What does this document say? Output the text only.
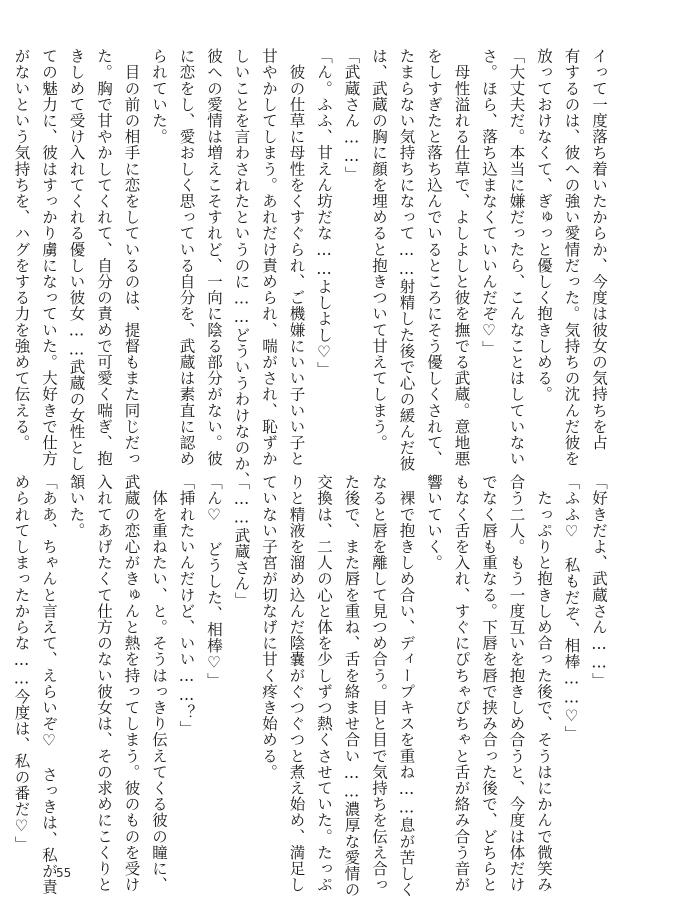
イって一度落ち着いたからか、今度は彼女の気持ちを占
有するのは、彼への強い愛情だった。気持ちの沈んだ彼を
放っておけなくて、ぎゅっと優しく抱きしめる。
「大丈夫だ。本当に嫌だったら、こんなことはしていない
さ。ほら、落ち込まなくていいんだぞ♡」
　母性溢れる仕草で、よしよしと彼を撫でる武蔵。意地悪
をしすぎたと落ち込んでいるところにそう優しくされて、
たまらない気持ちになって……射精した後で心の緩んだ彼
は、武蔵の胸に顔を埋めると抱きついて甘えてしまう。
「武蔵さん……」
「ん。ふふ、甘えん坊だな……よしよし♡」
　彼の仕草に母性をくすぐられ、ご機嫌にいい子いい子と
甘やかしてしまう。あれだけ責められ、喘がされ、恥ずか
しいことを言わされたというのに……どういうわけなのか、
彼への愛情は増えこそすれど、一向に陰る部分がない。彼
に恋をし、愛おしく思っている自分を、武蔵は素直に認め
られていた。
　目の前の相手に恋をしているのは、提督もまた同じだっ
た。胸で甘やかしてくれて、自分の責めで可愛く喘ぎ、抱
きしめて受け入れてくれる優しい彼女……武蔵の女性とし
ての魅力に、彼はすっかり虜になっていた。大好きで仕方
がないという気持ちを、ハグをする力を強めて伝える。
「好きだよ、武蔵さん……」
「ふふ♡　私もだぞ、相棒……♡」
　たっぷりと抱きしめ合った後で、そうはにかんで微笑み
合う二人。もう一度互いを抱きしめ合うと、今度は体だけ
でなく唇も重なる。下唇を唇で挟み合った後で、どちらと
もなく舌を入れ、すぐにぴちゃぴちゃと舌が絡み合う音が
響いていく。
　裸で抱きしめ合い、ディープキスを重ね……息が苦しく
なると唇を離して見つめ合う。目と目で気持ちを伝え合っ
た後で、また唇を重ね、舌を絡ませ合い……濃厚な愛情の
交換は、二人の心と体を少しずつ熱くさせていた。たっぷ
りと精液を溜め込んだ陰嚢がぐつぐつと煮え始め、満足し
ていない子宮が切なげに甘く疼き始める。
「……武蔵さん」
「ん♡　どうした、相棒♡」
「挿れたいんだけど、いい……？」
　体を重ねたい、と。そうはっきり伝えてくる彼の瞳に、
武蔵の恋心がきゅんと熱を持ってしまう。彼のものを受け
入れてあげたくて仕方のない彼女は、その求めにこくりと
頷いた。
「ああ、ちゃんと言えて、えらいぞ♡　さっきは、私が責
められてしまったからな……今度は、私の番だ♡」
55
